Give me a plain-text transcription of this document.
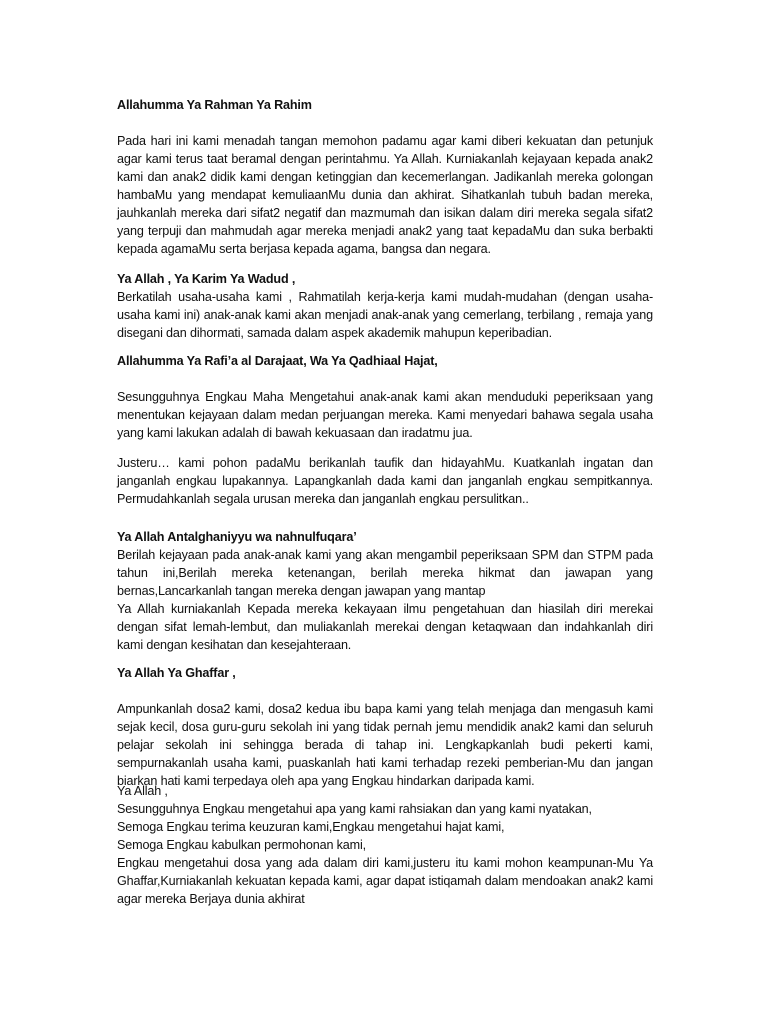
Allahumma Ya Rahman Ya Rahim
Pada hari ini kami menadah tangan memohon padamu agar kami diberi kekuatan dan petunjuk agar kami terus taat beramal dengan perintahmu. Ya Allah. Kurniakanlah kejayaan kepada anak2 kami dan anak2 didik kami dengan ketinggian dan kecemerlangan. Jadikanlah mereka golongan hambaMu yang mendapat kemuliaanMu dunia dan akhirat. Sihatkanlah tubuh badan mereka, jauhkanlah mereka dari sifat2 negatif dan mazmumah dan isikan dalam diri mereka segala sifat2 yang terpuji dan mahmudah agar mereka menjadi anak2 yang taat kepadaMu dan suka berbakti kepada agamaMu serta berjasa kepada agama, bangsa dan negara.
Ya Allah , Ya Karim Ya Wadud ,
Berkatilah usaha-usaha kami , Rahmatilah kerja-kerja kami mudah-mudahan (dengan usaha-usaha kami ini) anak-anak kami akan menjadi anak-anak yang cemerlang, terbilang , remaja yang disegani dan dihormati, samada dalam aspek akademik mahupun keperibadian.
Allahumma Ya Rafi’a al Darajaat, Wa Ya Qadhiaal Hajat,
Sesungguhnya Engkau Maha Mengetahui anak-anak kami akan menduduki peperiksaan yang menentukan kejayaan dalam medan perjuangan mereka. Kami menyedari bahawa segala usaha yang kami lakukan adalah di bawah kekuasaan dan iradatmu jua.
Justeru… kami pohon padaMu berikanlah taufik dan hidayahMu. Kuatkanlah ingatan dan janganlah engkau lupakannya. Lapangkanlah dada kami dan janganlah engkau sempitkannya. Permudahkanlah segala urusan mereka dan janganlah engkau persulitkan..
Ya Allah Antalghaniyyu wa nahnulfuqara’
Berilah kejayaan pada anak-anak kami yang akan mengambil peperiksaan SPM dan STPM pada tahun ini,Berilah mereka ketenangan, berilah mereka hikmat dan jawapan yang bernas,Lancarkanlah tangan mereka dengan jawapan yang mantap
Ya Allah kurniakanlah Kepada mereka kekayaan ilmu pengetahuan dan hiasilah diri merekai dengan sifat lemah-lembut, dan muliakanlah merekai dengan ketaqwaan dan indahkanlah diri kami dengan kesihatan dan kesejahteraan.
Ya Allah Ya Ghaffar ,
Ampunkanlah dosa2 kami, dosa2 kedua ibu bapa kami yang telah menjaga dan mengasuh kami sejak kecil, dosa guru-guru sekolah ini yang tidak pernah jemu mendidik anak2 kami dan seluruh pelajar sekolah ini sehingga berada di tahap ini. Lengkapkanlah budi pekerti kami, sempurnakanlah usaha kami, puaskanlah hati kami terhadap rezeki pemberian-Mu dan jangan biarkan hati kami terpedaya oleh apa yang Engkau hindarkan daripada kami.
Ya Allah ,
Sesungguhnya Engkau mengetahui apa yang kami rahsiakan dan yang kami nyatakan,
Semoga Engkau terima keuzuran kami,Engkau mengetahui hajat kami,
Semoga Engkau kabulkan permohonan kami,
Engkau mengetahui dosa yang ada dalam diri kami,justeru itu kami mohon keampunan-Mu Ya Ghaffar,Kurniakanlah kekuatan kepada kami, agar dapat istiqamah dalam mendoakan anak2 kami agar mereka Berjaya dunia akhirat
